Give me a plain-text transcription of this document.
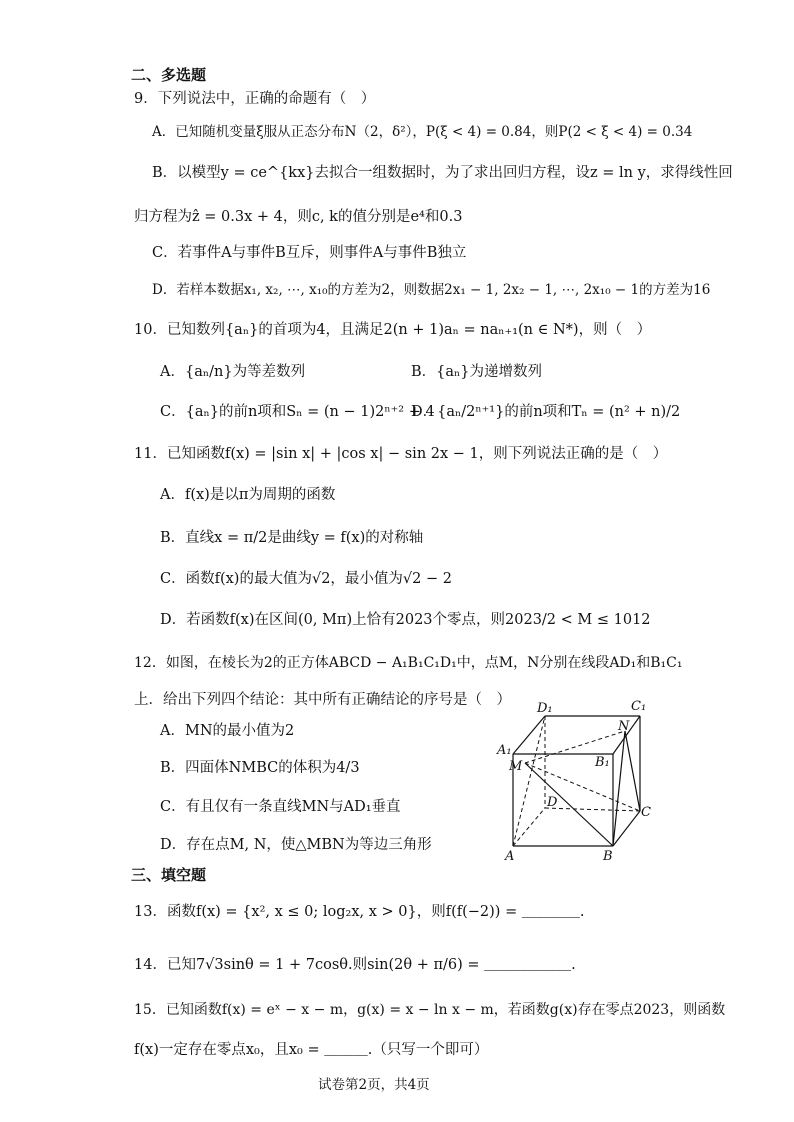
二、多选题
9．下列说法中，正确的命题有（　）
A．已知随机变量ξ服从正态分布N（2，δ²），P(ξ < 4) = 0.84，则P(2 < ξ < 4) = 0.34
B．以模型y = ce^{kx}去拟合一组数据时，为了求出回归方程，设z = ln y，求得线性回
归方程为ẑ = 0.3x + 4，则c, k的值分别是e⁴和0.3
C．若事件A与事件B互斥，则事件A与事件B独立
D．若样本数据x₁, x₂, ⋯, x₁₀的方差为2，则数据2x₁ − 1, 2x₂ − 1, ⋯, 2x₁₀ − 1的方差为16
10．已知数列{aₙ}的首项为4，且满足2(n + 1)aₙ = naₙ₊₁(n ∈ N*)，则（　）
A．{aₙ/n}为等差数列	B．{aₙ}为递增数列
C．{aₙ}的前n项和Sₙ = (n − 1)2ⁿ⁺² + 4
D．{aₙ/2ⁿ⁺¹}的前n项和Tₙ = (n² + n)/2
11．已知函数f(x) = |sin x| + |cos x| − sin 2x − 1，则下列说法正确的是（　）
A．f(x)是以π为周期的函数
B．直线x = π/2是曲线y = f(x)的对称轴
C．函数f(x)的最大值为√2，最小值为√2 − 2
D．若函数f(x)在区间(0, Mπ)上恰有2023个零点，则2023/2 < M ≤ 1012
12．如图，在棱长为2的正方体ABCD − A₁B₁C₁D₁中，点M，N分别在线段AD₁和B₁C₁
上．给出下列四个结论：其中所有正确结论的序号是（　）
A．MN的最小值为2
B．四面体NMBC的体积为4/3
C．有且仅有一条直线MN与AD₁垂直
D．存在点M, N，使△MBN为等边三角形
D₁	C₁
A₁
B₁
N
M
D
C
A	B
三、填空题
13．函数f(x) = {x², x ≤ 0; log₂x, x > 0}，则f(f(−2)) = ＿＿＿＿.
14．已知7√3sinθ = 1 + 7cosθ.则sin(2θ + π/6) = ＿＿＿＿＿＿.
15．已知函数f(x) = eˣ − x − m，g(x) = x − ln x − m，若函数g(x)存在零点2023，则函数
f(x)一定存在零点x₀，且x₀ = ＿＿＿.（只写一个即可）
试卷第2页，共4页
